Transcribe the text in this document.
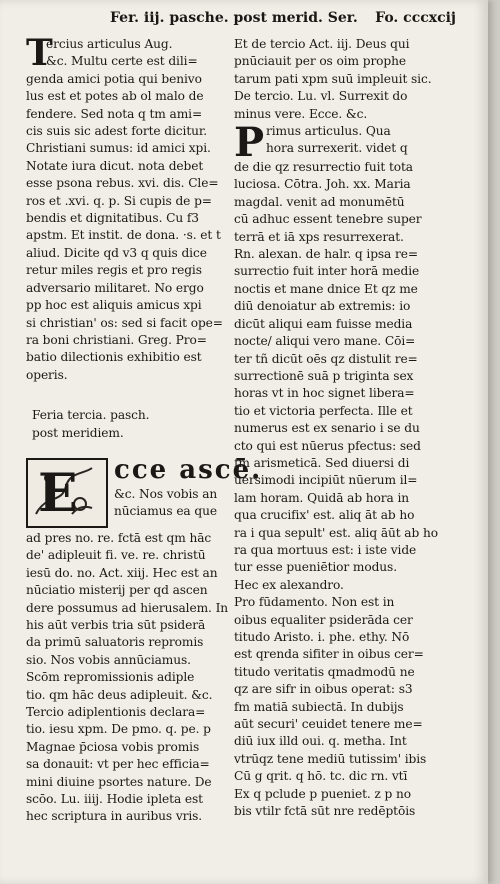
Fer. iij. pasche. post merid. Ser. Fo. cccxcij
T

ercius articulus Aug.

&c. Multu certe est dili=

genda amici potia qui benivo

lus est et potes ab ol malo de

fendere. Sed nota q tm ami=

cis suis sic adest forte dicitur.

Christiani sumus: id amici xpi.

Notate iura dicut. nota debet

esse psona rebus. xvi. dis. Cle=

ros et .xvi. q. p. Si cupis de p=

bendis et dignitatibus. Cu f3

apstm. Et instit. de dona. ·s. et t

aliud. Dicite qd v3 q quis dice

retur miles regis et pro regis

adversario militaret. No ergo

pp hoc est aliquis amicus xpi

si christian' os: sed si facit ope=

ra boni christiani. Greg. Pro=

batio dilectionis exhibitio est

operis.

Feria tercia. pasch.

post meridiem.

E	cce ascē.

&c. Nos vobis an

nūciamus ea que

ad pres no. re. fctā est qm hāc

de' adipleuit fi. ve. re. christū

iesū do. no. Act. xiij. Hec est an

nūciatio misterij per qd ascen

dere possumus ad hierusalem. In

his aūt verbis tria sūt psiderā

da primū saluatoris repromis

sio. Nos vobis annūciamus.

Scōm repromissionis adiple

tio. qm hāc deus adipleuit. &c.

Tercio adiplentionis declara=

tio. iesu xpm. De pmo. q. pe. p

Magnae p̄ciosa vobis promis

sa donauit: vt per hec efficia=

mini diuine psortes nature. De

scōo. Lu. iiij. Hodie ipleta est

hec scriptura in auribus vris.

Et de tercio Act. iij. Deus qui

pnūciauit per os oim prophe

tarum pati xpm suū impleuit sic.

De tercio. Lu. vl. Surrexit do

minus vere. Ecce. &c.

P rimus articulus. Qua

hora surrexerit. videt q

de die qz resurrectio fuit tota

luciosa. Cōtra. Joh. xx. Maria

magdal. venit ad monumētū

cū adhuc essent tenebre super

terrā et iā xps resurrexerat.

Rn. alexan. de halr. q ipsa re=

surrectio fuit inter horā medie

noctis et mane dnice Et qz me

diū denoiatur ab extremis: io

dicūt aliqui eam fuisse media

nocte/ aliqui vero mane. Cōi=

ter tñ dicūt oēs qz distulit re=

surrectionē suā p triginta sex

horas vt in hoc signet libera=

tio et victoria perfecta. Ille et

numerus est ex senario i se du

cto qui est nūerus pfectus: sed

fm arismeticā. Sed diuersi di

uersimodi incipiūt nūerum il=

lam horam. Quidā ab hora in

qua crucifix' est. aliq āt ab ho

ra i qua sepult' est. aliq āūt ab ho

ra qua mortuus est: i iste vide

tur esse pueniētior modus.

Hec ex alexandro.

Pro fūdamento. Non est in

oibus equaliter psiderāda cer

titudo Aristo. i. phe. ethy. Nō

est qrenda sifiter in oibus cer=

titudo veritatis qmadmodū ne

qz are sifr in oibus operat: s3

fm matiā subiectā. In dubijs

aūt securi' ceuidet tenere me=

diū iux illd oui. q. metha. Int

vtrūqz tene mediū tutissim' ibis

Cū g qrit. q hō. tc. dic rn. vtī

Ex q pclude p pueniet. z p no

bis vtilr fctā sūt nre redēptōis
